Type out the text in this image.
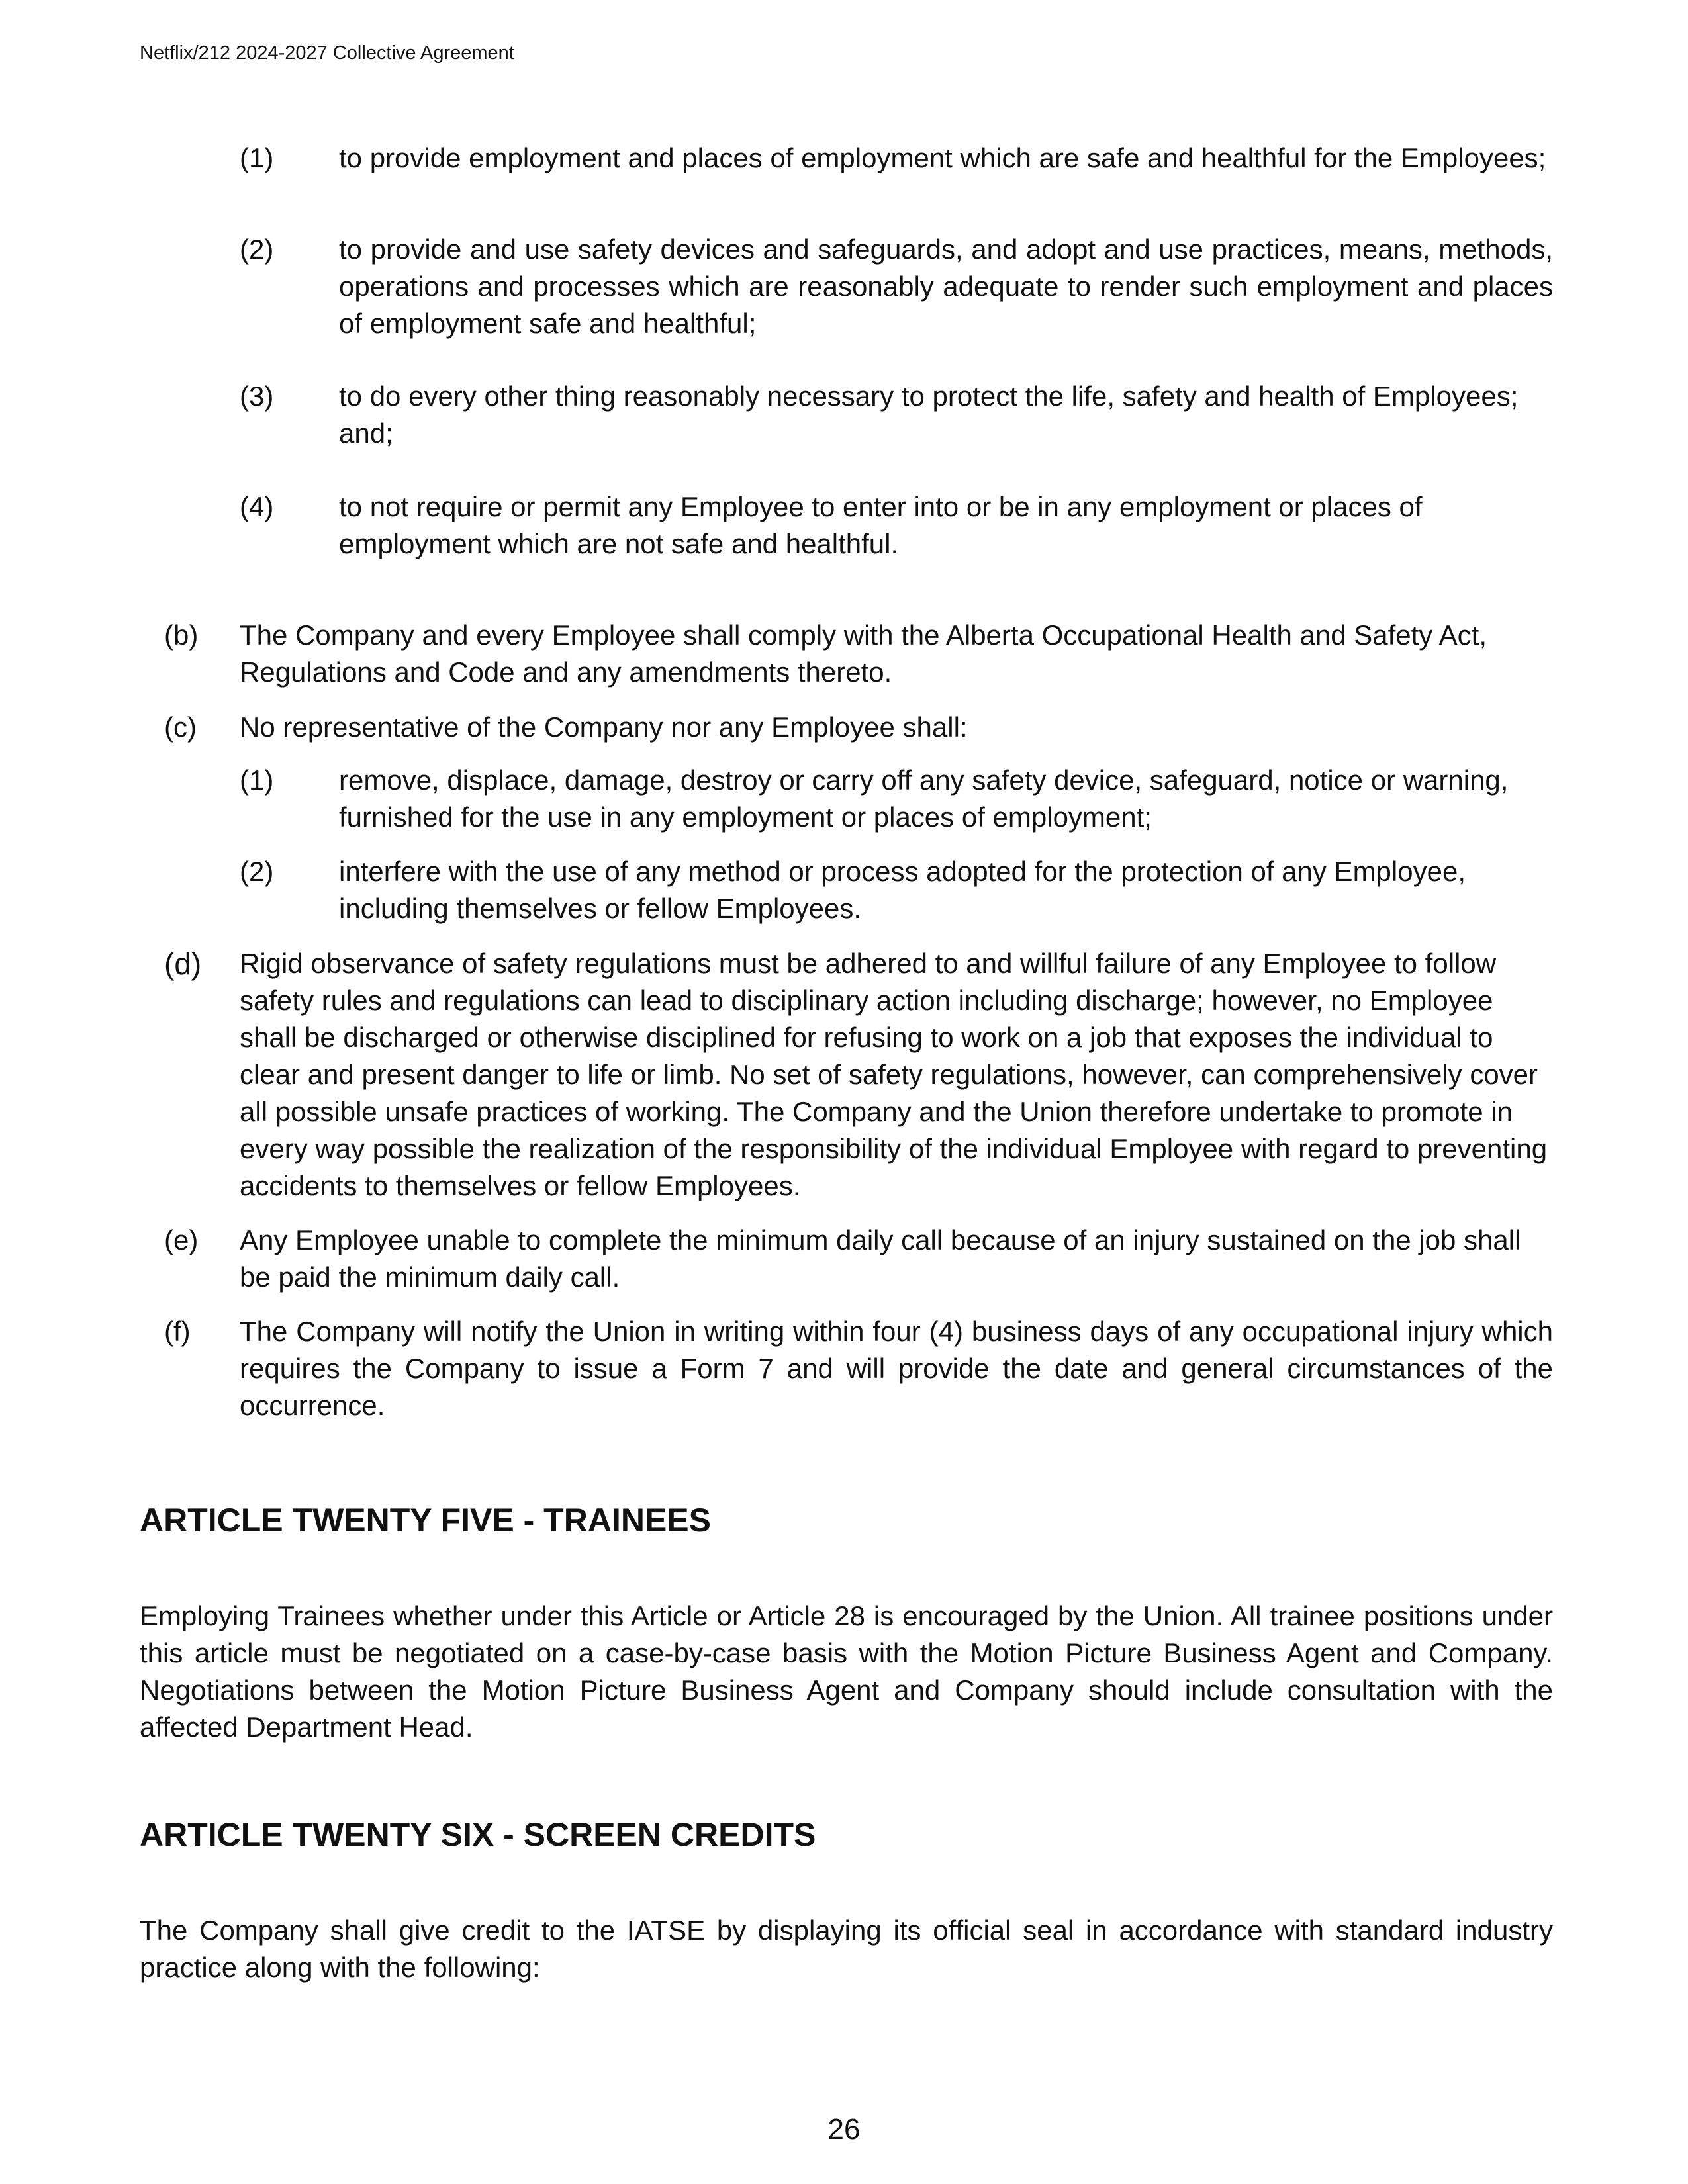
Netflix/212 2024-2027 Collective Agreement
(1) to provide employment and places of employment which are safe and healthful for the Employees;
(2) to provide and use safety devices and safeguards, and adopt and use practices, means, methods, operations and processes which are reasonably adequate to render such employment and places of employment safe and healthful;
(3) to do every other thing reasonably necessary to protect the life, safety and health of Employees; and;
(4) to not require or permit any Employee to enter into or be in any employment or places of employment which are not safe and healthful.
(b) The Company and every Employee shall comply with the Alberta Occupational Health and Safety Act, Regulations and Code and any amendments thereto.
(c) No representative of the Company nor any Employee shall:
(1) remove, displace, damage, destroy or carry off any safety device, safeguard, notice or warning, furnished for the use in any employment or places of employment;
(2) interfere with the use of any method or process adopted for the protection of any Employee, including themselves or fellow Employees.
(d) Rigid observance of safety regulations must be adhered to and willful failure of any Employee to follow safety rules and regulations can lead to disciplinary action including discharge; however, no Employee shall be discharged or otherwise disciplined for refusing to work on a job that exposes the individual to clear and present danger to life or limb. No set of safety regulations, however, can comprehensively cover all possible unsafe practices of working. The Company and the Union therefore undertake to promote in every way possible the realization of the responsibility of the individual Employee with regard to preventing accidents to themselves or fellow Employees.
(e) Any Employee unable to complete the minimum daily call because of an injury sustained on the job shall be paid the minimum daily call.
(f) The Company will notify the Union in writing within four (4) business days of any occupational injury which requires the Company to issue a Form 7 and will provide the date and general circumstances of the occurrence.
ARTICLE TWENTY FIVE - TRAINEES
Employing Trainees whether under this Article or Article 28 is encouraged by the Union. All trainee positions under this article must be negotiated on a case-by-case basis with the Motion Picture Business Agent and Company. Negotiations between the Motion Picture Business Agent and Company should include consultation with the affected Department Head.
ARTICLE TWENTY SIX - SCREEN CREDITS
The Company shall give credit to the IATSE by displaying its official seal in accordance with standard industry practice along with the following:
26
